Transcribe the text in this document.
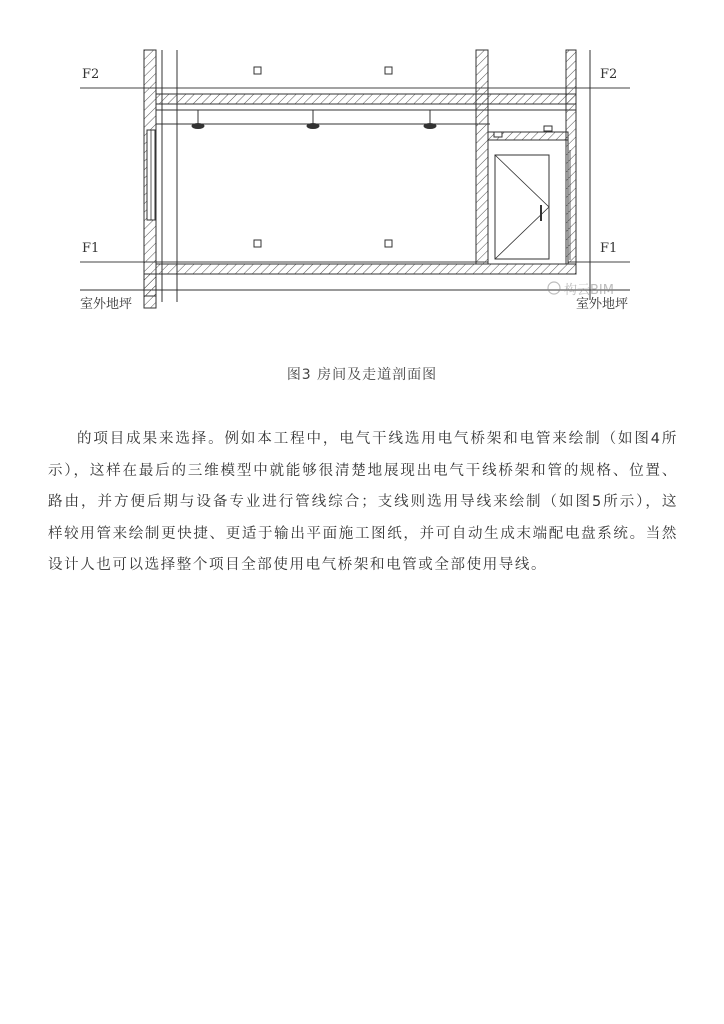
F2	F2
F1	F1
室外地坪	室外地坪
构云BIM
图3 房间及走道剖面图

的项目成果来选择。例如本工程中，电气干线选用电气桥架和电管来绘制（如图4所示），这样在最后的三维模型中就能够很清楚地展现出电气干线桥架和管的规格、位置、路由，并方便后期与设备专业进行管线综合；支线则选用导线来绘制（如图5所示），这样较用管来绘制更快捷、更适于输出平面施工图纸，并可自动生成末端配电盘系统。当然设计人也可以选择整个项目全部使用电气桥架和电管或全部使用导线。
